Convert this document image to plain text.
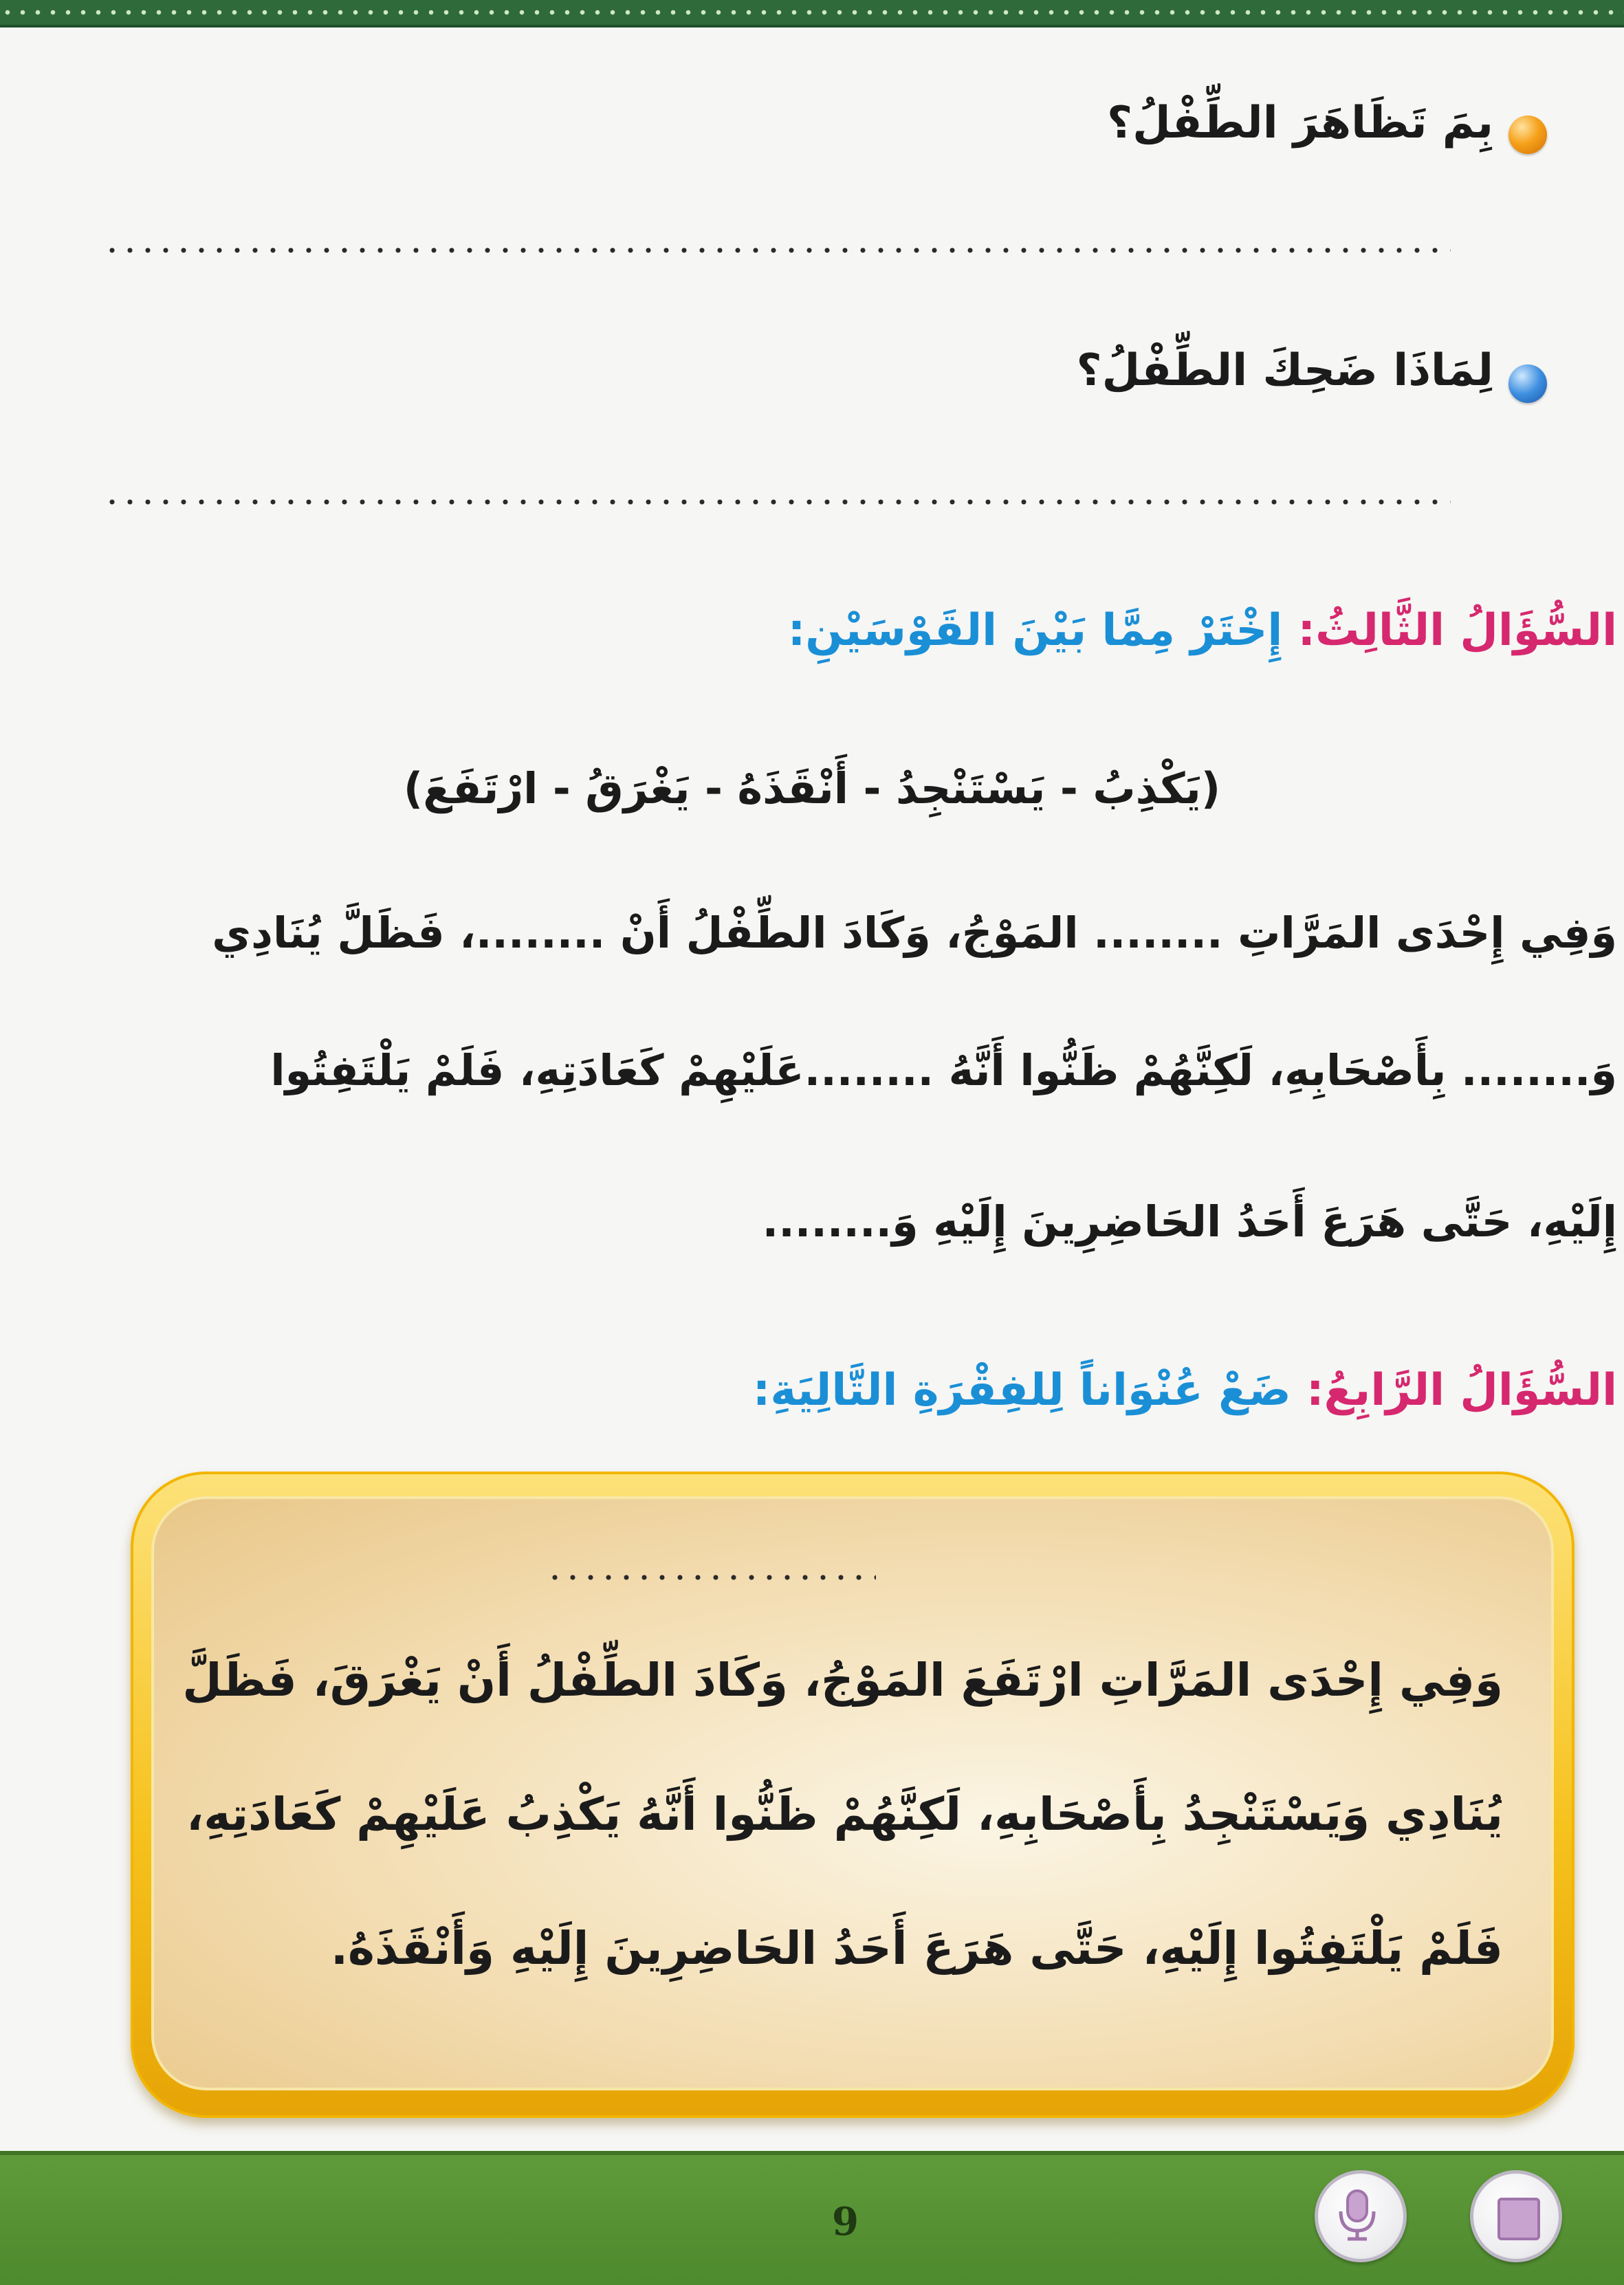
بِمَ تَظَاهَرَ الطِّفْلُ؟
لِمَاذَا ضَحِكَ الطِّفْلُ؟
السُّؤَالُ الثَّالِثُ: إِخْتَرْ مِمَّا بَيْنَ القَوْسَيْنِ:
(يَكْذِبُ - يَسْتَنْجِدُ - أَنْقَذَهُ - يَغْرَقُ - ارْتَفَعَ)
وَفِي إِحْدَى المَرَّاتِ ........ المَوْجُ، وَكَادَ الطِّفْلُ أَنْ ........، فَظَلَّ يُنَادِي
وَ........ بِأَصْحَابِهِ، لَكِنَّهُمْ ظَنُّوا أَنَّهُ ........عَلَيْهِمْ كَعَادَتِهِ، فَلَمْ يَلْتَفِتُوا
إِلَيْهِ، حَتَّى هَرَعَ أَحَدُ الحَاضِرِينَ إِلَيْهِ وَ........
السُّؤَالُ الرَّابِعُ: ضَعْ عُنْوَاناً لِلفِقْرَةِ التَّالِيَةِ:
وَفِي إِحْدَى المَرَّاتِ ارْتَفَعَ المَوْجُ، وَكَادَ الطِّفْلُ أَنْ يَغْرَقَ، فَظَلَّ
يُنَادِي وَيَسْتَنْجِدُ بِأَصْحَابِهِ، لَكِنَّهُمْ ظَنُّوا أَنَّهُ يَكْذِبُ عَلَيْهِمْ كَعَادَتِهِ،
فَلَمْ يَلْتَفِتُوا إِلَيْهِ، حَتَّى هَرَعَ أَحَدُ الحَاضِرِينَ إِلَيْهِ وَأَنْقَذَهُ.
9
